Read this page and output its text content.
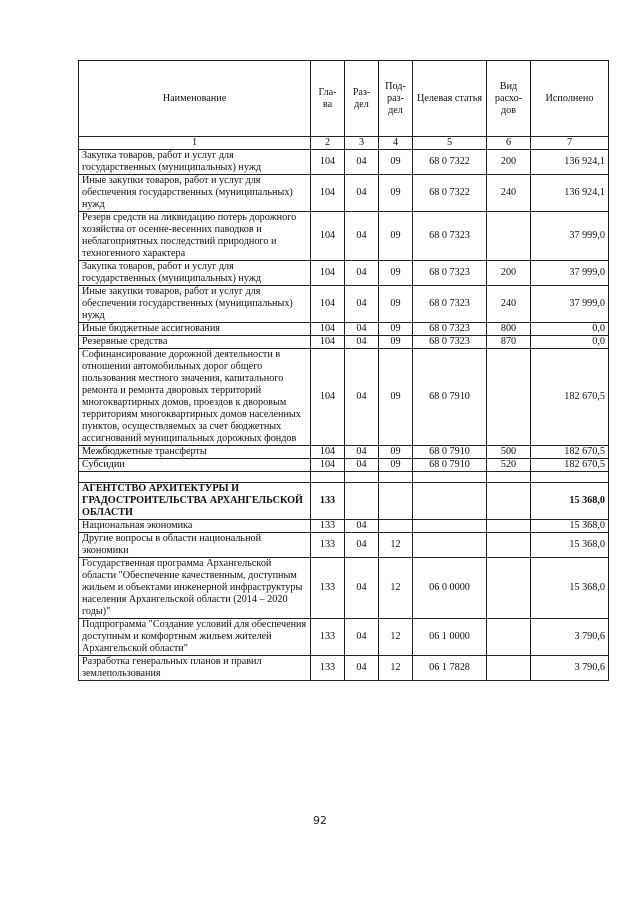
Наименование	Гла-ва	Раз-дел	Под-раз-дел	Целевая статья	Вид расхо-дов	Исполнено
1	2	3	4	5	6	7
Закупка товаров, работ и услуг для государственных (муниципальных) нужд	104	04	09	68 0 7322	200	136 924,1
Иные закупки товаров, работ и услуг для обеспечения государственных (муниципальных) нужд	104	04	09	68 0 7322	240	136 924,1
Резерв средств на ликвидацию потерь дорожного хозяйства от осенне-весенних паводков и неблагоприятных последствий природного и техногенного характера	104	04	09	68 0 7323		37 999,0
Закупка товаров, работ и услуг для государственных (муниципальных) нужд	104	04	09	68 0 7323	200	37 999,0
Иные закупки товаров, работ и услуг для обеспечения государственных (муниципальных) нужд	104	04	09	68 0 7323	240	37 999,0
Иные бюджетные ассигнования	104	04	09	68 0 7323	800	0,0
Резервные средства	104	04	09	68 0 7323	870	0,0
Софинансирование дорожной деятельности в отношении автомобильных дорог общего пользования местного значения, капитального ремонта и ремонта дворовых территорий многоквартирных домов, проездов к дворовым территориям многоквартирных домов населенных пунктов, осуществляемых за счет бюджетных ассигнований муниципальных дорожных фондов	104	04	09	68 0 7910		182 670,5
Межбюджетные трансферты	104	04	09	68 0 7910	500	182 670,5
Субсидии	104	04	09	68 0 7910	520	182 670,5

АГЕНТСТВО АРХИТЕКТУРЫ И ГРАДОСТРОИТЕЛЬСТВА АРХАНГЕЛЬСКОЙ ОБЛАСТИ	133					15 368,0
Национальная экономика	133	04				15 368,0
Другие вопросы в области национальной экономики	133	04	12			15 368,0
Государственная программа Архангельской области "Обеспечение качественным, доступным жильем и объектами инженерной инфраструктуры населения Архангельской области (2014 – 2020 годы)"	133	04	12	06 0 0000		15 368,0
Подпрограмма "Создание условий для обеспечения доступным и комфортным жильем жителей Архангельской области"	133	04	12	06 1 0000		3 790,6
Разработка генеральных планов и правил землепользования	133	04	12	06 1 7828		3 790,6
92
